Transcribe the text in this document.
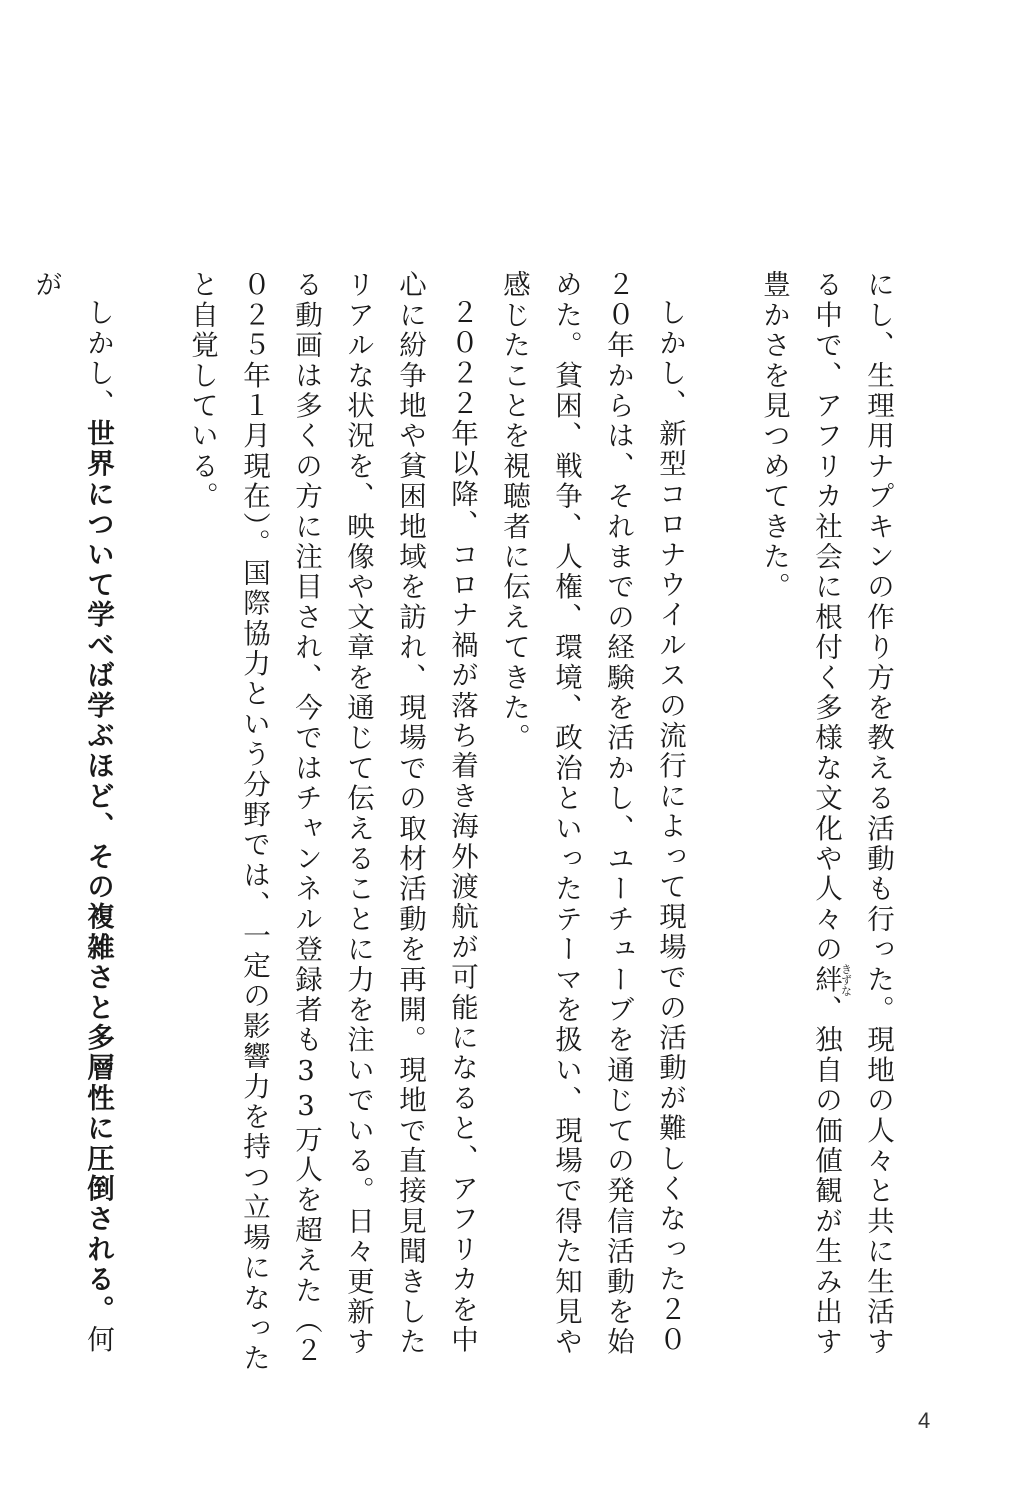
にし、生理用ナプキンの作り方を教える活動も行った。現地の人々と共に生活する中で、アフリカ社会に根付く多様な文化や人々の絆きずな、独自の価値観が生み出す豊かさを見つめてきた。

しかし、新型コロナウイルスの流行によって現場での活動が難しくなった２０２０年からは、それまでの経験を活かし、ユーチューブを通じての発信活動を始めた。貧困、戦争、人権、環境、政治といったテーマを扱い、現場で得た知見や感じたことを視聴者に伝えてきた。

２０２２年以降、コロナ禍が落ち着き海外渡航が可能になると、アフリカを中心に紛争地や貧困地域を訪れ、現場での取材活動を再開。現地で直接見聞きしたリアルな状況を、映像や文章を通じて伝えることに力を注いでいる。日々更新する動画は多くの方に注目され、今ではチャンネル登録者も33万人を超えた（２０２５年１月現在）。国際協力という分野では、一定の影響力を持つ立場になったと自覚している。

しかし、世界について学べば学ぶほど、その複雑さと多層性に圧倒される。何が

4
